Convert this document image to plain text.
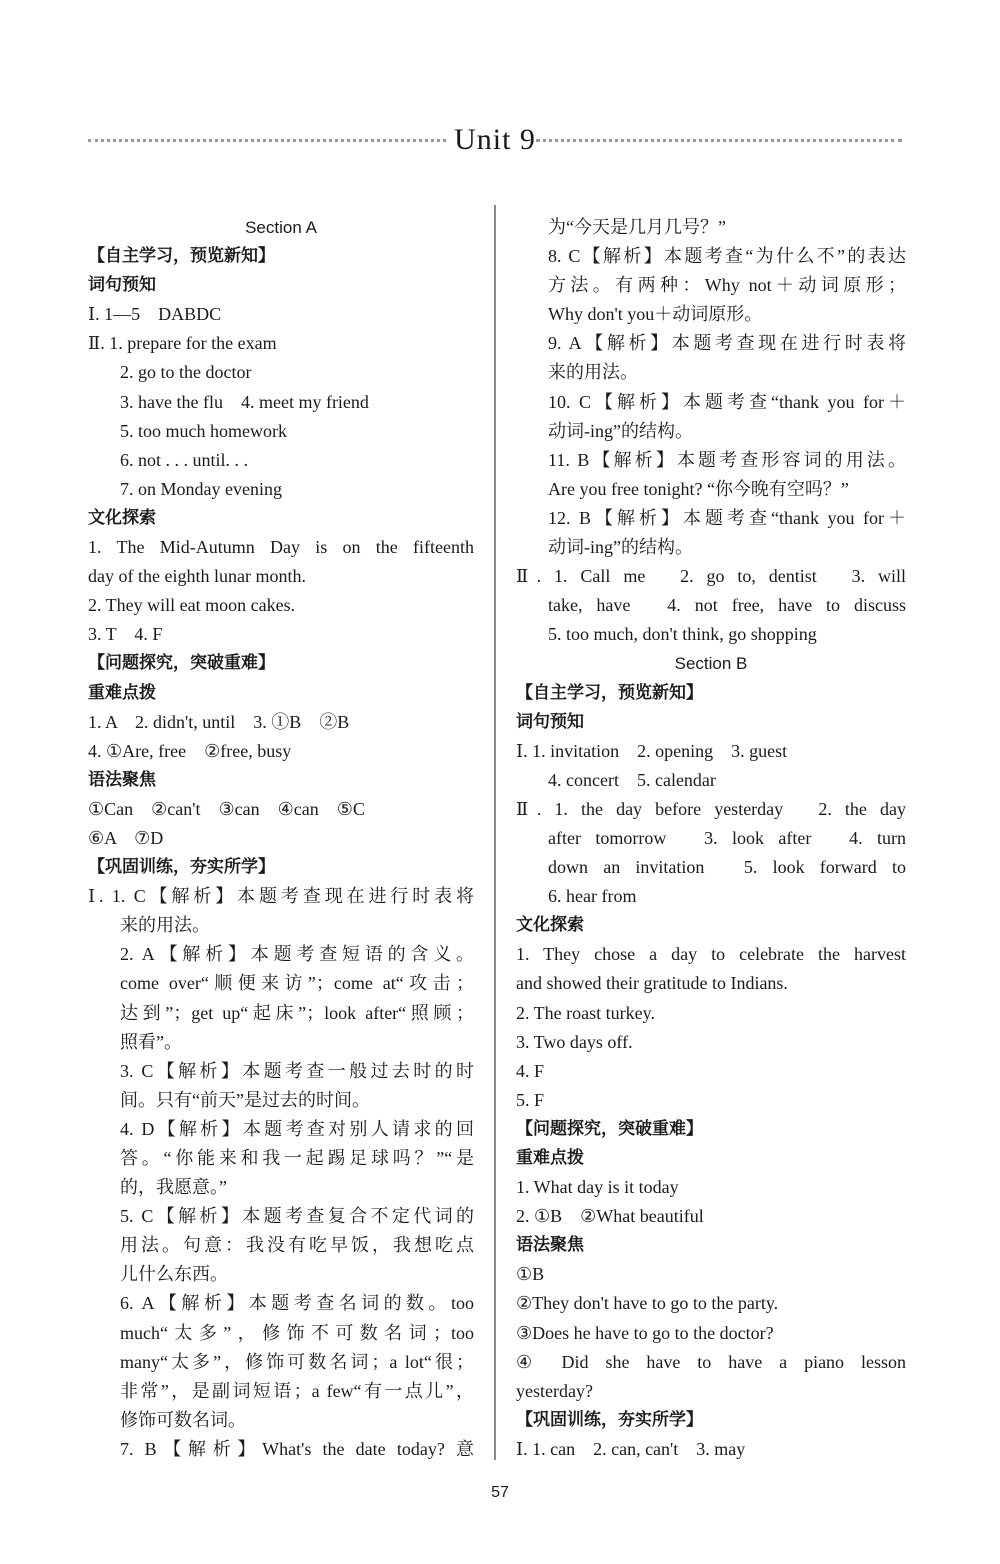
Unit 9
Section A
【自主学习，预览新知】
词句预知
Ⅰ. 1—5　DABDC
Ⅱ. 1. prepare for the exam
2. go to the doctor
3. have the flu　4. meet my friend
5. too much homework
6. not . . . until. . .
7. on Monday evening
文化探索
1. The Mid-Autumn Day is on the fifteenth
day of the eighth lunar month.
2. They will eat moon cakes.
3. T　4. F
【问题探究，突破重难】
重难点拨
1. A　2. didn't, until　3. ①B　②B
4. ①Are, free　②free, busy
语法聚焦
①Can　②can't　③can　④can　⑤C
⑥A　⑦D
【巩固训练，夯实所学】
Ⅰ. 1. C【解析】本题考查现在进行时表将
来的用法。
2. A【解析】本题考查短语的含义。
come over“顺便来访”；come at“攻击；
达到”；get up“起床”；look after“照顾；
照看”。
3. C【解析】本题考查一般过去时的时
间。只有“前天”是过去的时间。
4. D【解析】本题考查对别人请求的回
答。“你能来和我一起踢足球吗？”“是
的，我愿意。”
5. C【解析】本题考查复合不定代词的
用法。句意：我没有吃早饭，我想吃点
儿什么东西。
6. A【解析】本题考查名词的数。too
much“太多”，修饰不可数名词；too
many“太多”，修饰可数名词；a lot“很；
非常”，是副词短语；a few“有一点儿”，
修饰可数名词。
7. B【解析】What's the date today? 意
为“今天是几月几号？”
8. C【解析】本题考查“为什么不”的表达
方法。有两种：Why not＋动词原形；
Why don't you＋动词原形。
9. A【解析】本题考查现在进行时表将
来的用法。
10. C【解析】本题考查“thank you for＋
动词-ing”的结构。
11. B【解析】本题考查形容词的用法。
Are you free tonight? “你今晚有空吗？”
12. B【解析】本题考查“thank you for＋
动词-ing”的结构。
Ⅱ. 1. Call me　2. go to, dentist　3. will
take, have　4. not free, have to discuss
5. too much, don't think, go shopping
Section B
【自主学习，预览新知】
词句预知
Ⅰ. 1. invitation　2. opening　3. guest
4. concert　5. calendar
Ⅱ. 1. the day before yesterday　2. the day
after tomorrow　3. look after　4. turn
down an invitation　5. look forward to
6. hear from
文化探索
1. They chose a day to celebrate the harvest
and showed their gratitude to Indians.
2. The roast turkey.
3. Two days off.
4. F
5. F
【问题探究，突破重难】
重难点拨
1. What day is it today
2. ①B　②What beautiful
语法聚焦
①B
②They don't have to go to the party.
③Does he have to go to the doctor?
④ Did she have to have a piano lesson
yesterday?
【巩固训练，夯实所学】
Ⅰ. 1. can　2. can, can't　3. may
57
